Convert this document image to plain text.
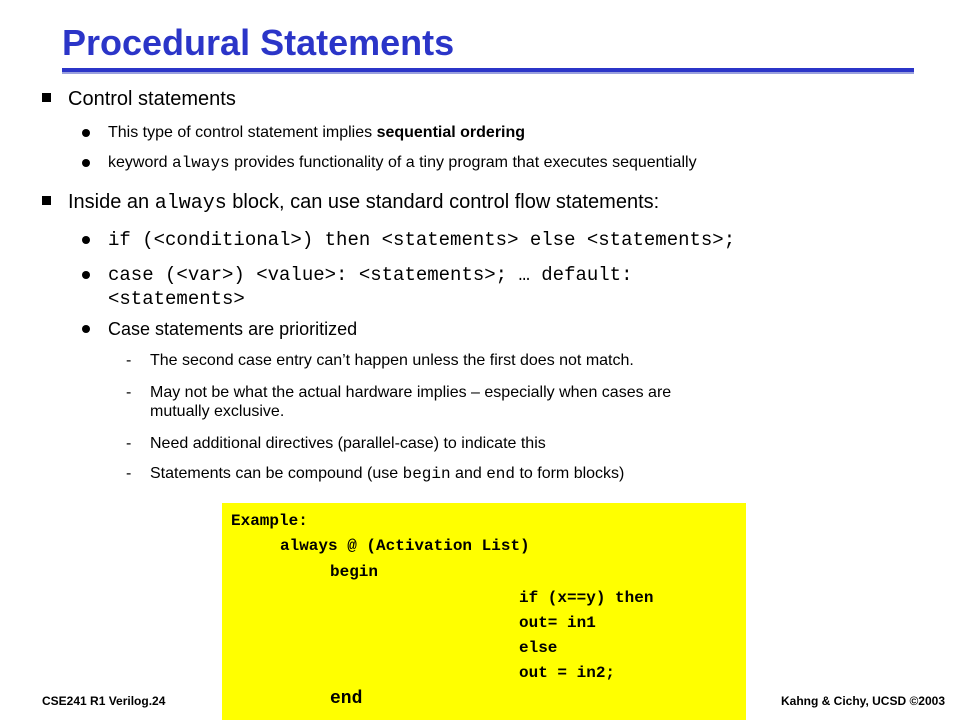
Procedural Statements
Control statements
This type of control statement implies sequential ordering
keyword always provides functionality of a tiny program that executes sequentially
Inside an always block, can use standard control flow statements:
if (<conditional>) then <statements> else <statements>;
case (<var>) <value>: <statements>; … default:
<statements>
Case statements are prioritized
- The second case entry can’t happen unless the first does not match.
- May not be what the actual hardware implies – especially when cases are
mutually exclusive.
- Need additional directives (parallel-case) to indicate this
- Statements can be compound (use begin and end to form blocks)
Example:
always @ (Activation List)
begin
if (x==y) then
out= in1
else
out = in2;
end
CSE241 R1 Verilog.24	Kahng & Cichy, UCSD ©2003
